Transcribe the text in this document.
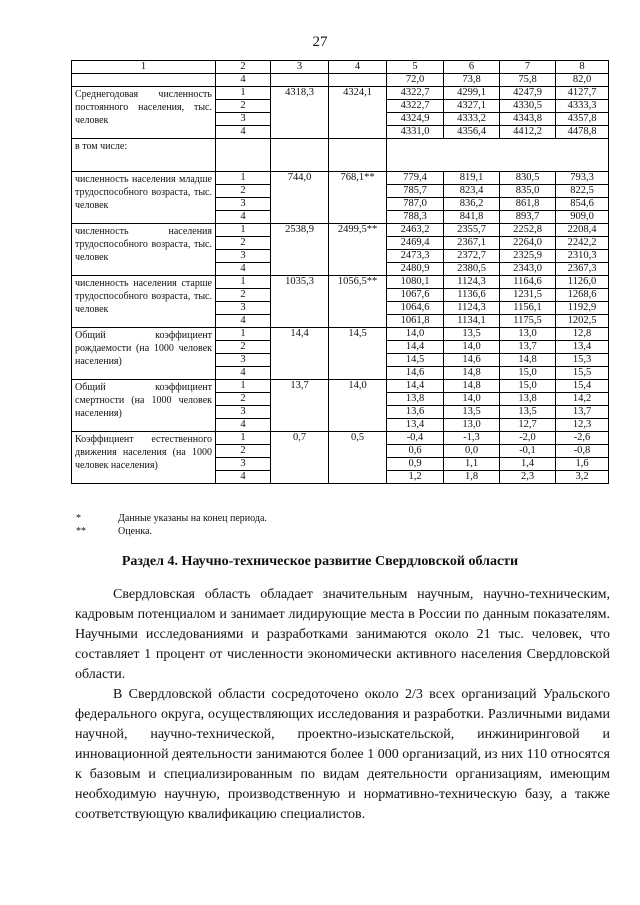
27
1	2	3	4	5	6	7	8
	4			72,0	73,8	75,8	82,0
Среднегодовая численность постоянного населения, тыс. человек	1	4318,3	4324,1	4322,7	4299,1	4247,9	4127,7
	2			4322,7	4327,1	4330,5	4333,3
	3			4324,9	4333,2	4343,8	4357,8
	4			4331,0	4356,4	4412,2	4478,8
в том числе:							
численность населения младше трудоспособного возраста, тыс. человек	1	744,0	768,1**	779,4	819,1	830,5	793,3
	2			785,7	823,4	835,0	822,5
	3			787,0	836,2	861,8	854,6
	4			788,3	841,8	893,7	909,0
численность населения трудоспособного возраста, тыс. человек	1	2538,9	2499,5**	2463,2	2355,7	2252,8	2208,4
	2			2469,4	2367,1	2264,0	2242,2
	3			2473,3	2372,7	2325,9	2310,3
	4			2480,9	2380,5	2343,0	2367,3
численность населения старше трудоспособного возраста, тыс. человек	1	1035,3	1056,5**	1080,1	1124,3	1164,6	1126,0
	2			1067,6	1136,6	1231,5	1268,6
	3			1064,6	1124,3	1156,1	1192,9
	4			1061,8	1134,1	1175,5	1202,5
Общий коэффициент рождаемости (на 1000 человек населения)	1	14,4	14,5	14,0	13,5	13,0	12,8
	2			14,4	14,0	13,7	13,4
	3			14,5	14,6	14,8	15,3
	4			14,6	14,8	15,0	15,5
Общий коэффициент смертности (на 1000 человек населения)	1	13,7	14,0	14,4	14,8	15,0	15,4
	2			13,8	14,0	13,8	14,2
	3			13,6	13,5	13,5	13,7
	4			13,4	13,0	12,7	12,3
Коэффициент естественного движения населения (на 1000 человек населения)	1	0,7	0,5	-0,4	-1,3	-2,0	-2,6
	2			0,6	0,0	-0,1	-0,8
	3			0,9	1,1	1,4	1,6
	4			1,2	1,8	2,3	3,2
*	Данные указаны на конец периода.
**	Оценка.
Раздел 4. Научно-техническое развитие Свердловской области

Свердловская область обладает значительным научным, научно-техническим, кадровым потенциалом и занимает лидирующие места в России по данным показателям. Научными исследованиями и разработками занимаются около 21 тыс. человек, что составляет 1 процент от численности экономически активного населения Свердловской области.

В Свердловской области сосредоточено около 2/3 всех организаций Уральского федерального округа, осуществляющих исследования и разработки. Различными видами научной, научно-технической, проектно-изыскательской, инжиниринговой и инновационной деятельности занимаются более 1 000 организаций, из них 110 относятся к базовым и специализированным по видам деятельности организациям, имеющим необходимую научную, производственную и нормативно-техническую базу, а также соответствующую квалификацию специалистов.
